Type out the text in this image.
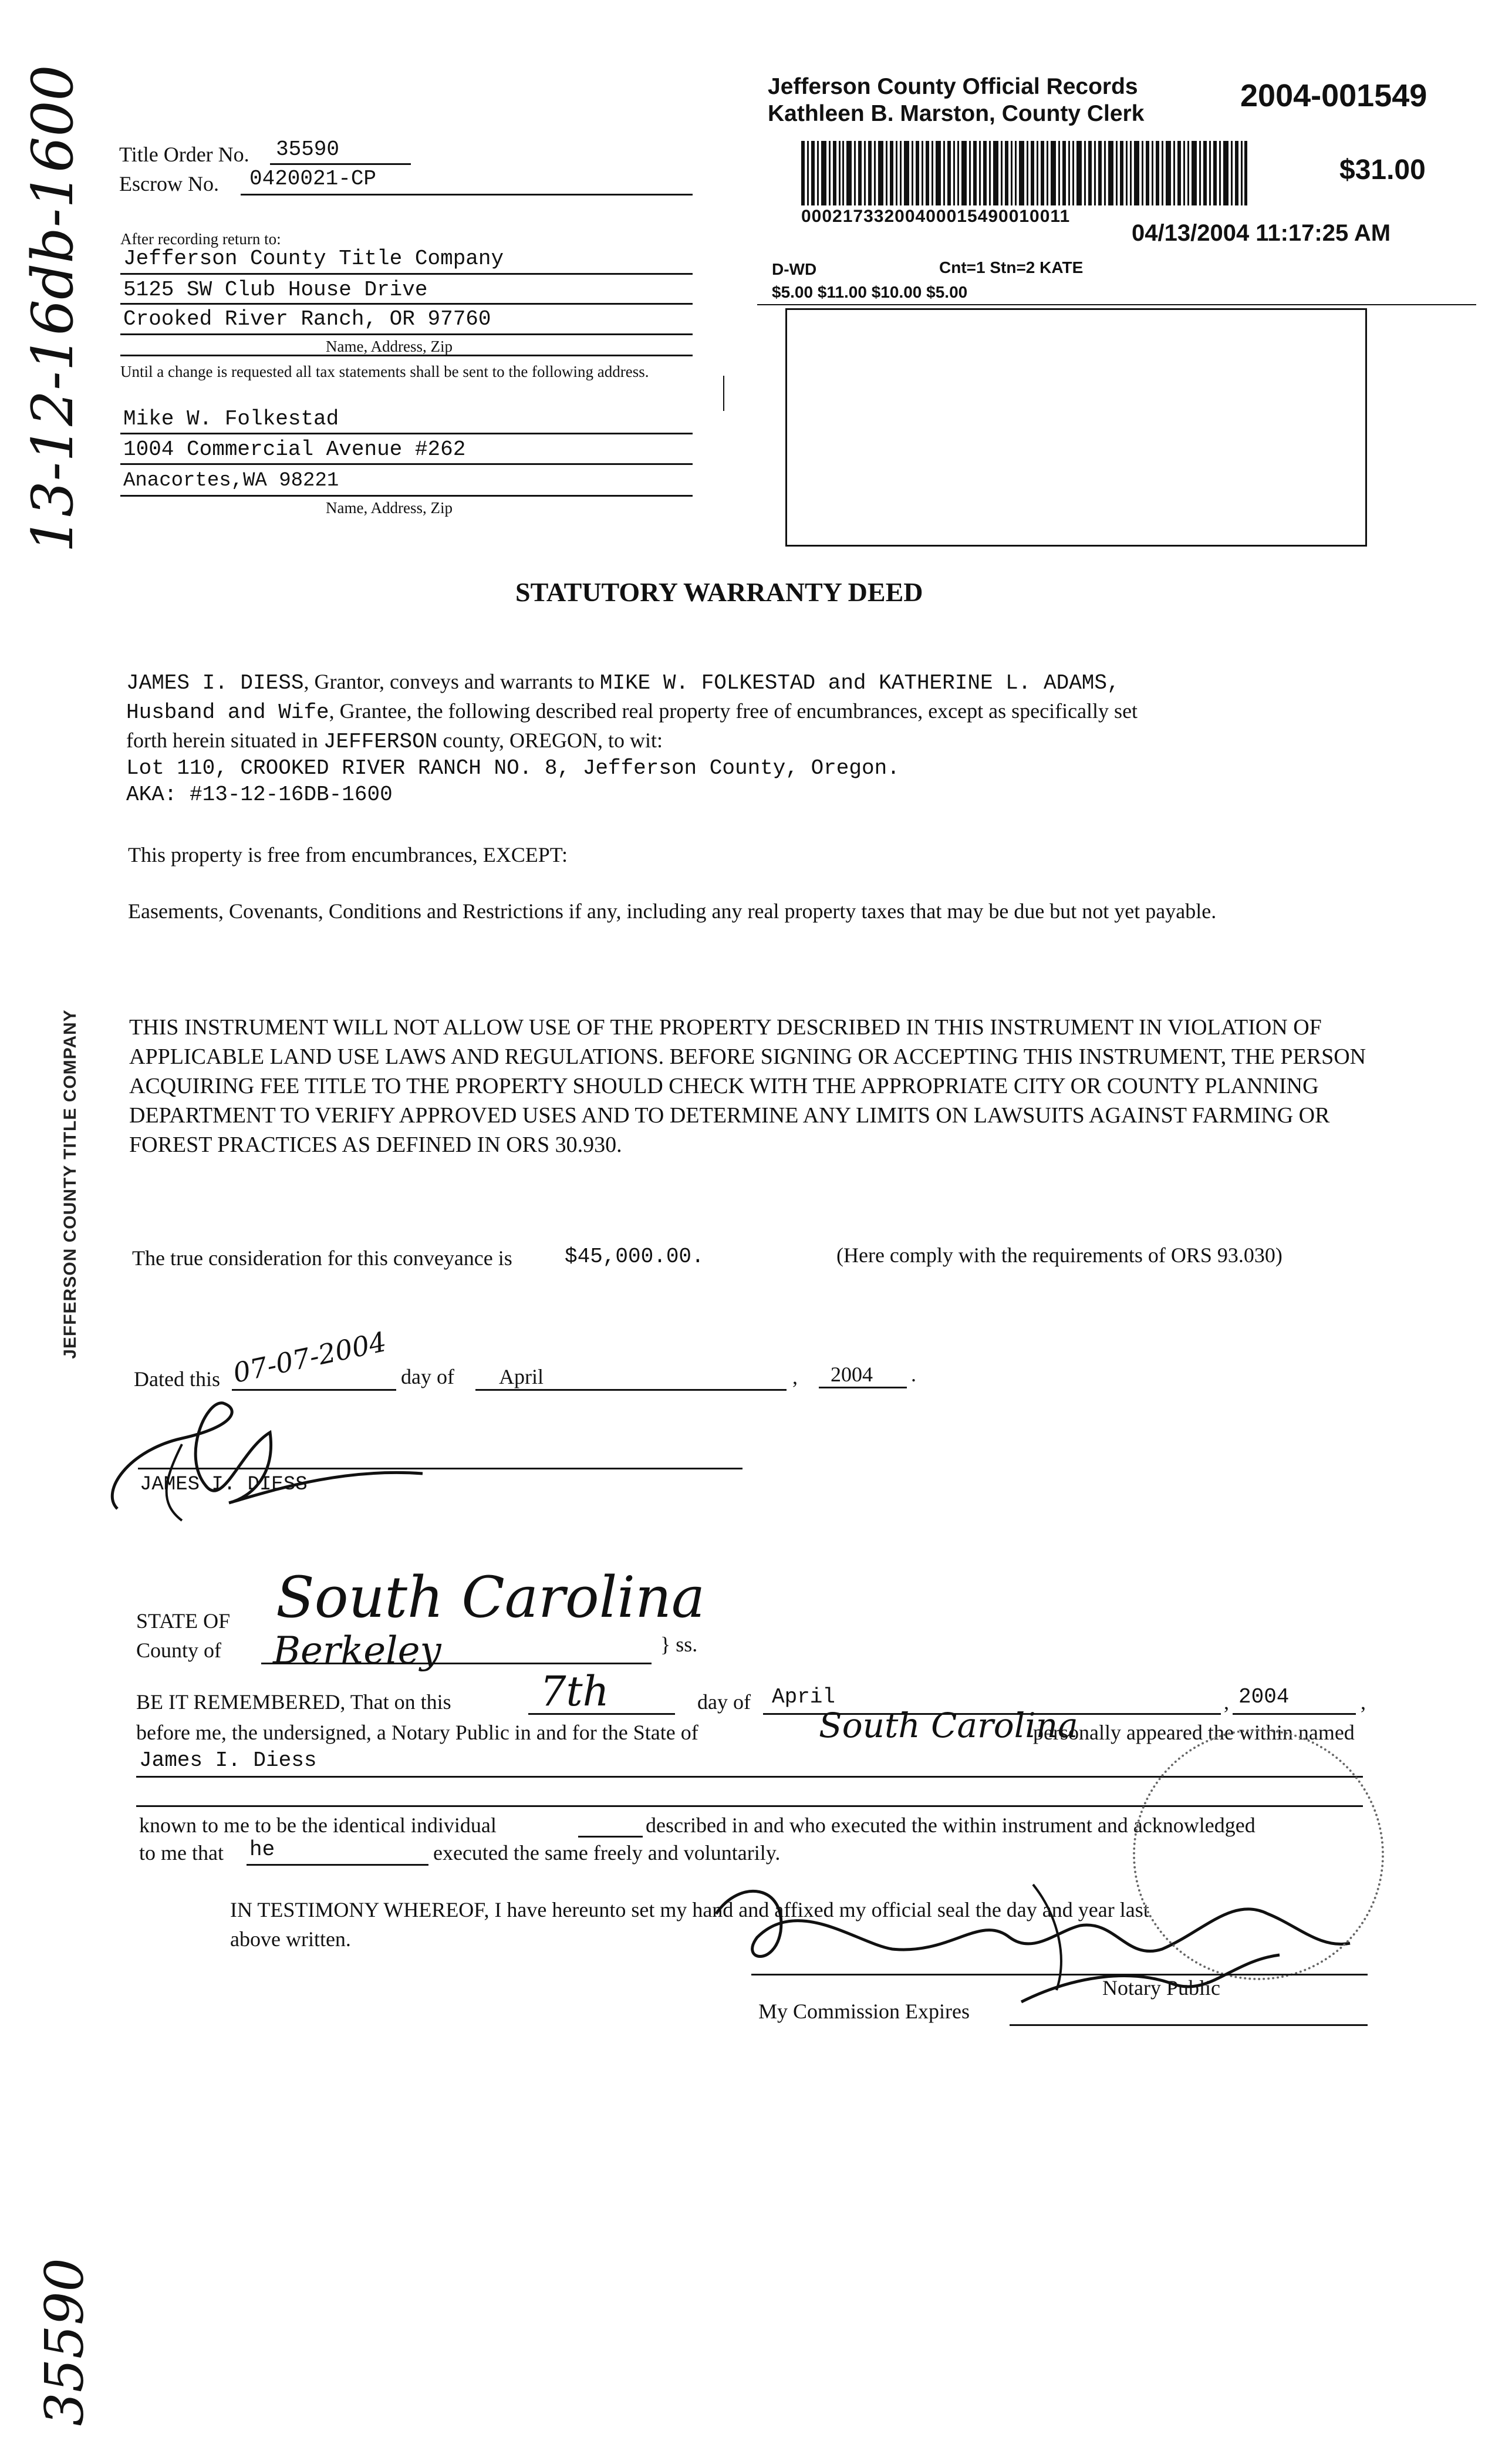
13-12-16db-1600
JEFFERSON COUNTY TITLE COMPANY
35590
Title Order No. 35590
Escrow No. 0420021-CP
After recording return to:
Jefferson County Title Company
5125 SW Club House Drive
Crooked River Ranch, OR 97760
Name, Address, Zip
Until a change is requested all tax statements shall be sent to the following address.
Mike W. Folkestad
1004 Commercial Avenue #262
Anacortes,WA 98221
Name, Address, Zip
Jefferson County Official Records
Kathleen B. Marston, County Clerk
2004-001549
$31.00
00021733200400015490010011
04/13/2004 11:17:25 AM
D-WD	Cnt=1 Stn=2 KATE
$5.00 $11.00 $10.00 $5.00
STATUTORY WARRANTY DEED
JAMES I. DIESS, Grantor, conveys and warrants to MIKE W. FOLKESTAD and KATHERINE L. ADAMS,
Husband and Wife, Grantee, the following described real property free of encumbrances, except as specifically set
forth herein situated in JEFFERSON county, OREGON, to wit:
Lot 110, CROOKED RIVER RANCH NO. 8, Jefferson County, Oregon.
AKA: #13-12-16DB-1600
This property is free from encumbrances, EXCEPT:
Easements, Covenants, Conditions and Restrictions if any, including any real property taxes that may be due but not yet payable.
THIS INSTRUMENT WILL NOT ALLOW USE OF THE PROPERTY DESCRIBED IN THIS INSTRUMENT IN VIOLATION OF APPLICABLE LAND USE LAWS AND REGULATIONS. BEFORE SIGNING OR ACCEPTING THIS INSTRUMENT, THE PERSON ACQUIRING FEE TITLE TO THE PROPERTY SHOULD CHECK WITH THE APPROPRIATE CITY OR COUNTY PLANNING DEPARTMENT TO VERIFY APPROVED USES AND TO DETERMINE ANY LIMITS ON LAWSUITS AGAINST FARMING OR FOREST PRACTICES AS DEFINED IN ORS 30.930.
The true consideration for this conveyance is $45,000.00.	(Here comply with the requirements of ORS 93.030)
Dated this 07-07-2004 day of April	, 2004 .
JAMES I. DIESS
STATE OF South Carolina
County of Berkeley	} ss.
BE IT REMEMBERED, That on this 7th	day of April	, 2004	,
before me, the undersigned, a Notary Public in and for the State of	South Carolina
personally appeared the within named
James I. Diess
known to me to be the identical individual	described in and who executed the within instrument and acknowledged
to me that he	executed the same freely and voluntarily.
IN TESTIMONY WHEREOF, I have hereunto set my hand and affixed my official seal the day and year last
above written.
Notary Public
My Commission Expires
